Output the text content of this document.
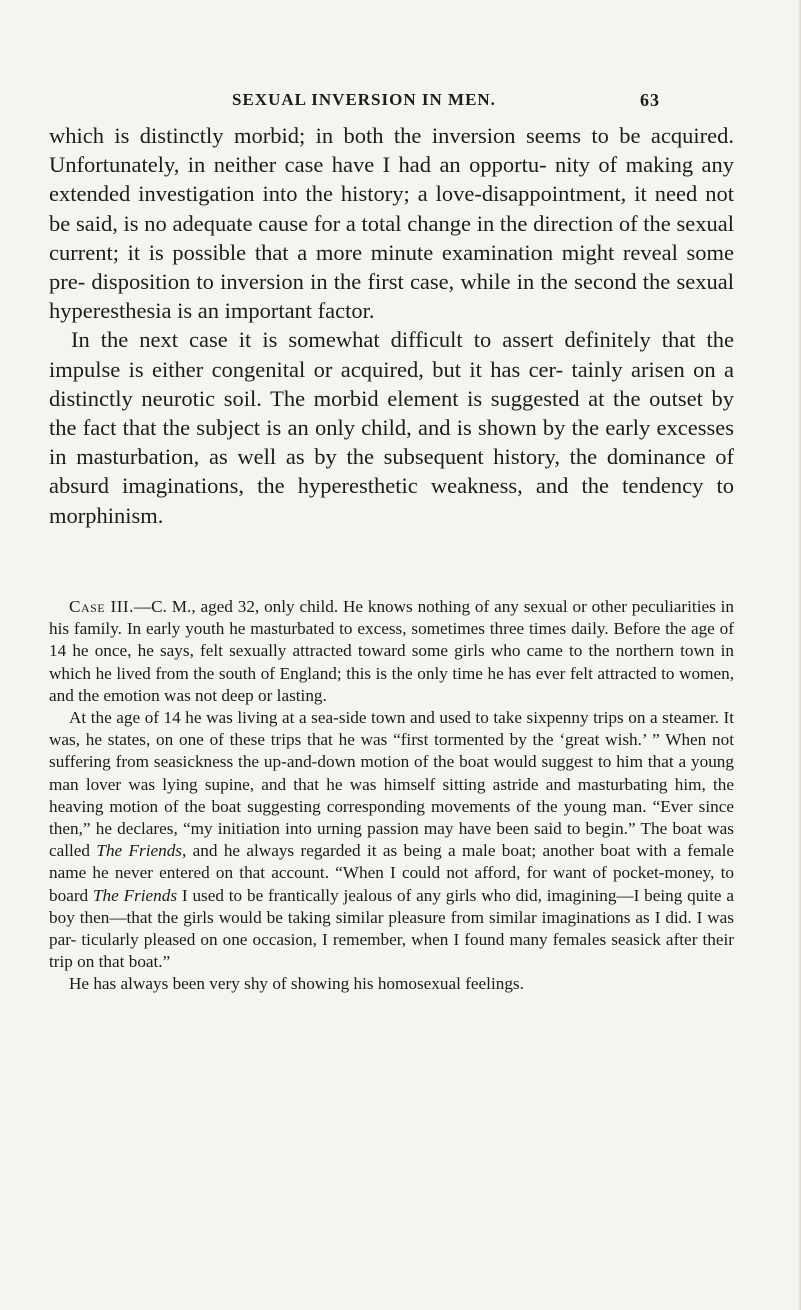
SEXUAL INVERSION IN MEN.	63

which is distinctly morbid; in both the inversion seems to be acquired. Unfortunately, in neither case have I had an opportu- nity of making any extended investigation into the history; a love-disappointment, it need not be said, is no adequate cause for a total change in the direction of the sexual current; it is possible that a more minute examination might reveal some pre- disposition to inversion in the first case, while in the second the sexual hyperesthesia is an important factor.

In the next case it is somewhat difficult to assert definitely that the impulse is either congenital or acquired, but it has cer- tainly arisen on a distinctly neurotic soil. The morbid element is suggested at the outset by the fact that the subject is an only child, and is shown by the early excesses in masturbation, as well as by the subsequent history, the dominance of absurd imaginations, the hyperesthetic weakness, and the tendency to morphinism.

Case III.—C. M., aged 32, only child. He knows nothing of any sexual or other peculiarities in his family. In early youth he masturbated to excess, sometimes three times daily. Before the age of 14 he once, he says, felt sexually attracted toward some girls who came to the northern town in which he lived from the south of England; this is the only time he has ever felt attracted to women, and the emotion was not deep or lasting.

At the age of 14 he was living at a sea-side town and used to take sixpenny trips on a steamer. It was, he states, on one of these trips that he was “first tormented by the ‘great wish.’ ” When not suffering from seasickness the up-and-down motion of the boat would suggest to him that a young man lover was lying supine, and that he was himself sitting astride and masturbating him, the heaving motion of the boat suggesting corresponding movements of the young man. “Ever since then,” he declares, “my initiation into urning passion may have been said to begin.” The boat was called The Friends, and he always regarded it as being a male boat; another boat with a female name he never entered on that account. “When I could not afford, for want of pocket-money, to board The Friends I used to be frantically jealous of any girls who did, imagining—I being quite a boy then—that the girls would be taking similar pleasure from similar imaginations as I did. I was par- ticularly pleased on one occasion, I remember, when I found many females seasick after their trip on that boat.”

He has always been very shy of showing his homosexual feelings.
